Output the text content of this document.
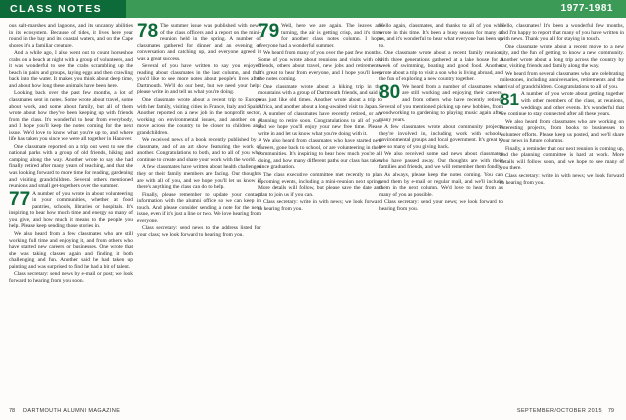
CLASS NOTES	1977-1981

ous salt-marshes and lagoons, and its uncanny abilities in its ecosystem. Because of tides, it lives here year round in the bay and its coastal waters, and on the Cape shores it's a familiar creature.

And a while ago, I also went out to count horseshoe crabs on a beach at night with a group of volunteers, and it was wonderful to see the crabs scrambling up the beach in pairs and groups, laying eggs and then crawling back into the water. It makes you think about deep time, and about how long these animals have been here.

Looking back over the past few months, a lot of classmates sent in notes. Some wrote about travel, some about work, and some about family, but all of them wrote about how they've been keeping up with friends from the class. It's wonderful to hear from everybody, and I hope you'll keep the notes coming for the next issue. We'd love to know what you're up to, and where life has taken you since we were all together in Hanover.

One classmate reported on a trip out west to see the national parks with a group of old friends, hiking and camping along the way. Another wrote to say she had finally retired after many years of teaching, and that she was looking forward to more time for reading, gardening and visiting grandchildren. Several others mentioned reunions and small get-togethers over the summer.

77 A number of you wrote in about volunteering in your communities, whether at food pantries, schools, libraries or hospitals. It's inspiring to hear how much time and energy so many of you give, and how much it means to the people you help. Please keep sending those stories in.

We also heard from a few classmates who are still working full time and enjoying it, and from others who have started new careers or businesses. One wrote that she was taking classes again and finding it both challenging and fun. Another said he had taken up painting and was surprised to find he had a bit of talent.

Class secretary: send news by e-mail or post; we look forward to hearing from you soon.

78 The summer issue was published with news of the class officers and a report on the mini-reunion held in the spring. A number of classmates gathered for dinner and an evening of conversation and catching up, and everyone agreed it was a great success.

Several of you have written to say you enjoyed reading about classmates in the last column, and that you'd like to see more notes about people's lives after Dartmouth. We'll do our best, but we need your help: please write in and tell us what you're doing.

One classmate wrote about a recent trip to Europe with her family, visiting cities in France, Italy and Spain. Another reported on a new job in the nonprofit sector, working on environmental issues, and another on a move across the country to be closer to children and grandchildren.

We received news of a book recently published by a classmate, and of an art show featuring the work of another. Congratulations to both, and to all of you who continue to create and share your work with the world.

A few classmates have written about health challenges they or their family members are facing. Our thoughts are with all of you, and we hope you'll let us know if there's anything the class can do to help.

Finally, please remember to update your contact information with the alumni office so we can keep in touch. And please consider sending a note for the next issue, even if it's just a line or two. We love hearing from everyone.

Class secretary: send news to the address listed for your class; we look forward to hearing from you.

79 Well, here we are again. The leaves are turning, the air is getting crisp, and it's time for another class notes column. I hope everyone had a wonderful summer.

We heard from many of you over the past few months. Some of you wrote about reunions and visits with old friends, others about travel, new jobs and retirements. It's great to hear from everyone, and I hope you'll keep the notes coming.

One classmate wrote about a hiking trip in the mountains with a group of Dartmouth friends, and said it was just like old times. Another wrote about a trip to Africa, and another about a long-awaited visit to Japan.

A number of classmates have recently retired, or are planning to retire soon. Congratulations to all of you, and we hope you'll enjoy your new free time. Please write in and let us know what you're doing with it.

We also heard from classmates who have started new careers, gone back to school, or are volunteering in their communities. It's inspiring to hear how much you're all doing, and how many different paths our class has taken since graduation.

The class executive committee met recently to plan upcoming events, including a mini-reunion next spring. More details will follow, but please save the date and plan to join us if you can.

Class secretary: write in with news; we look forward to hearing from you.

Hello again, classmates, and thanks to all of you who wrote in this time. It's been a busy season for many of us, and it's wonderful to hear what everyone has been up to.

One classmate wrote about a recent family reunion, with three generations gathered at a lake house for a week of swimming, boating and good food. Another wrote about a trip to visit a son who is living abroad, and the fun of exploring a new country together.

80 We heard from a number of classmates who are still working and enjoying their careers, and from others who have recently retired. Several of you mentioned picking up new hobbies, from woodworking to gardening to playing music again after many years.

A few classmates wrote about community projects they're involved in, including work with schools, environmental groups and local government. It's great to see so many of you giving back.

We also received some sad news about classmates who have passed away. Our thoughts are with their families and friends, and we will remember them fondly.

As always, please keep the notes coming. You can send them by e-mail or regular mail, and we'll include them in the next column. We'd love to hear from as many of you as possible.

Class secretary: send your news; we look forward to hearing from you.

Hello, classmates! It's been a wonderful few months, and I'm happy to report that many of you have written in with news. Thank you all for staying in touch.

One classmate wrote about a recent move to a new city, and the fun of getting to know a new community. Another wrote about a long trip across the country by car, visiting friends and family along the way.

We heard from several classmates who are celebrating milestones, including anniversaries, retirements and the arrival of grandchildren. Congratulations to all of you.

81 A number of you wrote about getting together with other members of the class, at reunions, weddings and other events. It's wonderful that we continue to stay connected after all these years.

We also heard from classmates who are working on interesting projects, from books to businesses to volunteer efforts. Please keep us posted, and we'll share your news in future columns.

Finally, a reminder that our next reunion is coming up, and the planning committee is hard at work. More details will follow soon, and we hope to see many of you there.

Class secretary: write in with news; we look forward to hearing from you.

78 DARTMOUTH ALUMNI MAGAZINE	SEPTEMBER/OCTOBER 2015 79
